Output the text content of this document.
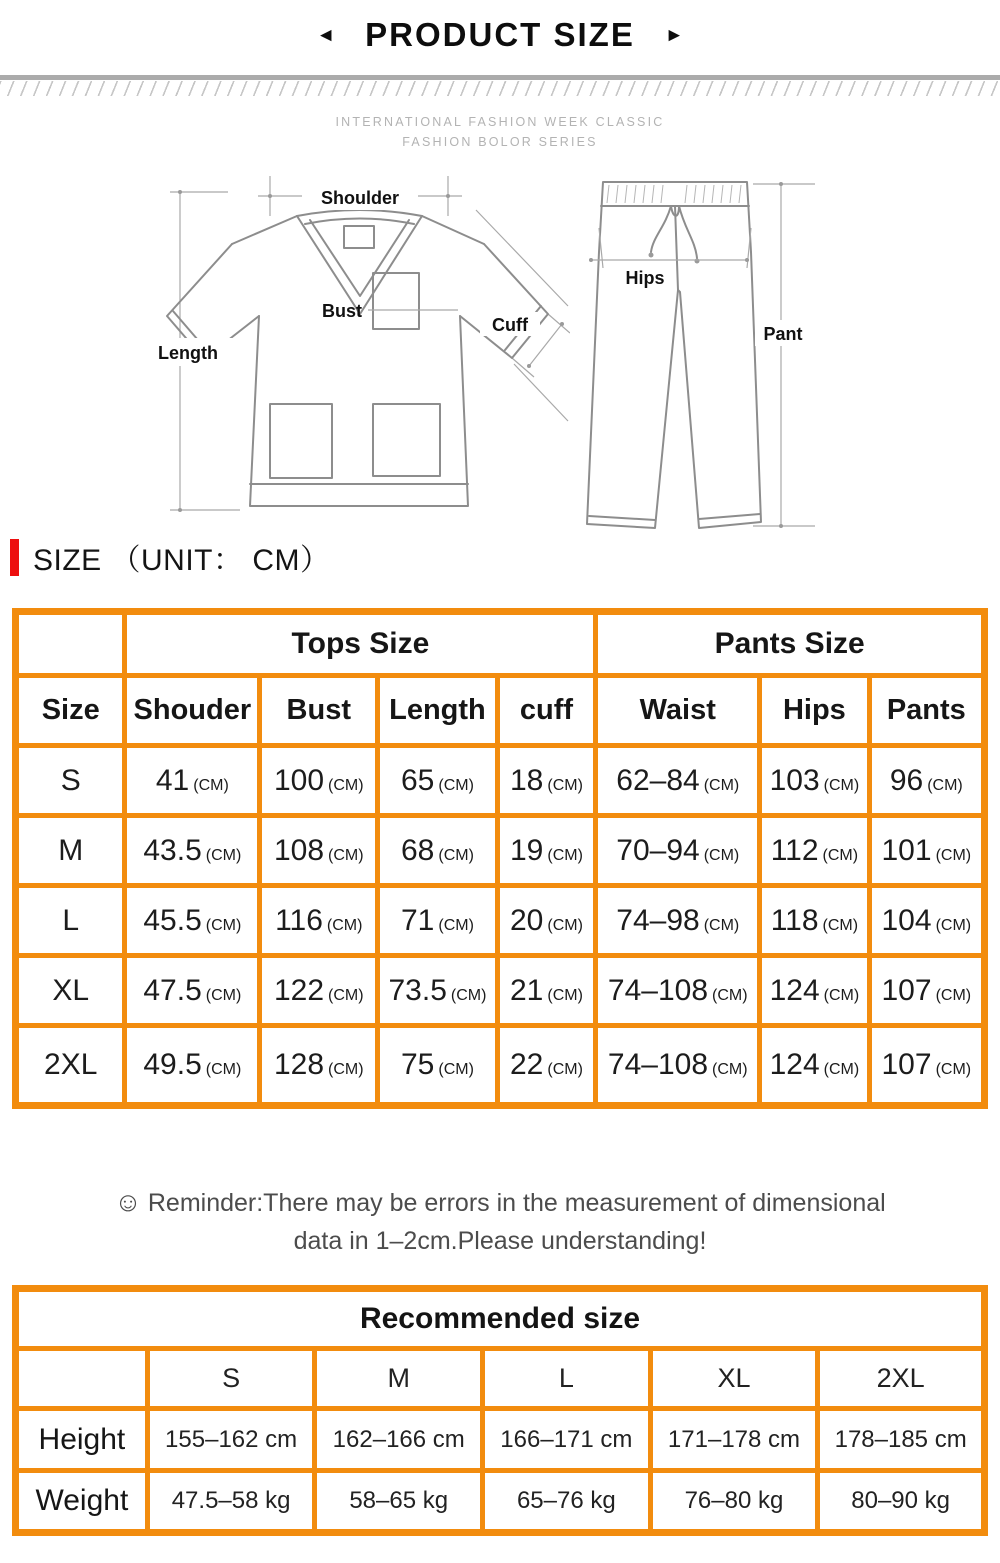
◄ PRODUCT SIZE ►
INTERNATIONAL FASHION WEEK CLASSIC
FASHION BOLOR SERIES
Shoulder
Length
Bust
Cuff
Hips
Pant
SIZE （UNIT： CM）
	Tops Size				Pants Size		
Size	Shouder	Bust	Length	cuff	Waist	Hips	Pants
S	41 (CM)	100 (CM)	65 (CM)	18 (CM)	62–84 (CM)	103 (CM)	96 (CM)
M	43.5 (CM)	108 (CM)	68 (CM)	19 (CM)	70–94 (CM)	112 (CM)	101 (CM)
L	45.5 (CM)	116 (CM)	71 (CM)	20 (CM)	74–98 (CM)	118 (CM)	104 (CM)
XL	47.5 (CM)	122 (CM)	73.5 (CM)	21 (CM)	74–108 (CM)	124 (CM)	107 (CM)
2XL	49.5 (CM)	128 (CM)	75 (CM)	22 (CM)	74–108 (CM)	124 (CM)	107 (CM)
☺ Reminder:There may be errors in the measurement of dimensional
data in 1–2cm.Please understanding!
Recommended size					
	S	M	L	XL	2XL
Height	155–162 cm	162–166 cm	166–171 cm	171–178 cm	178–185 cm
Weight	47.5–58 kg	58–65 kg	65–76 kg	76–80 kg	80–90 kg
